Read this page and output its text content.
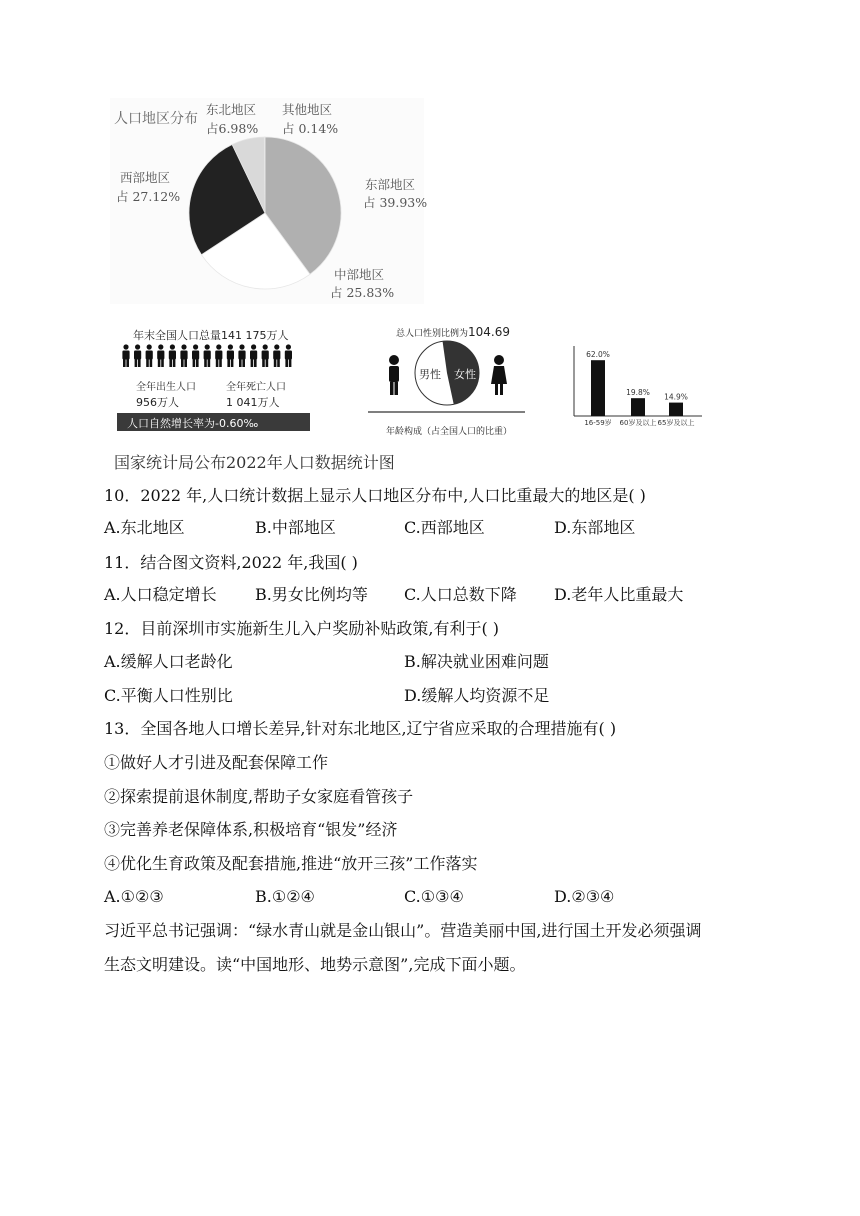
人口地区分布
东北地区
占6.98%
其他地区
占 0.14%
西部地区
占 27.12%
东部地区
占 39.93%
中部地区
占 25.83%
年末全国人口总量141 175万人
全年出生人口
956万人
全年死亡人口
1 041万人
人口自然增长率为-0.60‰
总人口性别比例为104.69
男性 女性
年龄构成（占全国人口的比重）
62.0%
16-59岁
19.8%
60岁及以上
14.9%
65岁及以上
国家统计局公布2022年人口数据统计图
10．2022 年,人口统计数据上显示人口地区分布中,人口比重最大的地区是( )
A.东北地区	B.中部地区	C.西部地区	D.东部地区
11．结合图文资料,2022 年,我国( )
A.人口稳定增长 B.男女比例均等 C.人口总数下降 D.老年人比重最大
12．目前深圳市实施新生儿入户奖励补贴政策,有利于( )
A.缓解人口老龄化	B.解决就业困难问题
C.平衡人口性别比	D.缓解人均资源不足
13．全国各地人口增长差异,针对东北地区,辽宁省应采取的合理措施有( )
①做好人才引进及配套保障工作
②探索提前退休制度,帮助子女家庭看管孩子
③完善养老保障体系,积极培育“银发”经济
④优化生育政策及配套措施,推进“放开三孩”工作落实
A.①②③	B.①②④	C.①③④	D.②③④
习近平总书记强调：“绿水青山就是金山银山”。营造美丽中国,进行国土开发必须强调
生态文明建设。读“中国地形、地势示意图”,完成下面小题。
